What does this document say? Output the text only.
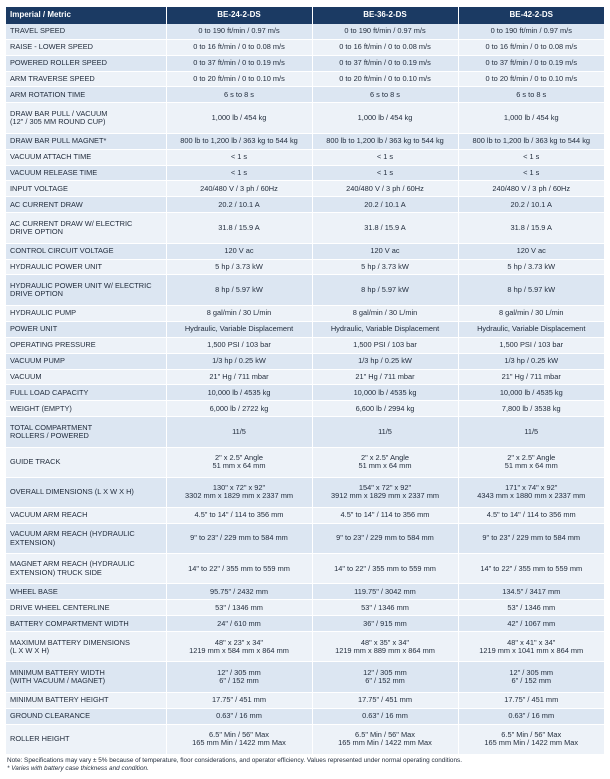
Imperial / Metric	BE-24-2-DS	BE-36-2-DS	BE-42-2-DS

TRAVEL SPEED	0 to 190 ft/min / 0.97 m/s	0 to 190 ft/min / 0.97 m/s	0 to 190 ft/min / 0.97 m/s

RAISE - LOWER SPEED	0 to 16 ft/min / 0 to 0.08 m/s	0 to 16 ft/min / 0 to 0.08 m/s	0 to 16 ft/min / 0 to 0.08 m/s

POWERED ROLLER SPEED	0 to 37 ft/min / 0 to 0.19 m/s	0 to 37 ft/min / 0 to 0.19 m/s	0 to 37 ft/min / 0 to 0.19 m/s

ARM TRAVERSE SPEED	0 to 20 ft/min / 0 to 0.10 m/s	0 to 20 ft/min / 0 to 0.10 m/s	0 to 20 ft/min / 0 to 0.10 m/s

ARM ROTATION TIME	6 s to 8 s	6 s to 8 s	6 s to 8 s

DRAW BAR PULL / VACUUM
(12" / 305 MM ROUND CUP)	1,000 lb / 454 kg	1,000 lb / 454 kg	1,000 lb / 454 kg

DRAW BAR PULL MAGNET*	800 lb to 1,200 lb / 363 kg to 544 kg	800 lb to 1,200 lb / 363 kg to 544 kg	800 lb to 1,200 lb / 363 kg to 544 kg

VACUUM ATTACH TIME	< 1 s	< 1 s	< 1 s

VACUUM RELEASE TIME	< 1 s	< 1 s	< 1 s

INPUT VOLTAGE	240/480 V / 3 ph / 60Hz	240/480 V / 3 ph / 60Hz	240/480 V / 3 ph / 60Hz

AC CURRENT DRAW	20.2 / 10.1 A	20.2 / 10.1 A	20.2 / 10.1 A

AC CURRENT DRAW W/ ELECTRIC
DRIVE OPTION	31.8 / 15.9 A	31.8 / 15.9 A	31.8 / 15.9 A

CONTROL CIRCUIT VOLTAGE	120 V ac	120 V ac	120 V ac

HYDRAULIC POWER UNIT	5 hp / 3.73 kW	5 hp / 3.73 kW	5 hp / 3.73 kW

HYDRAULIC POWER UNIT W/ ELECTRIC
DRIVE OPTION	8 hp / 5.97 kW	8 hp / 5.97 kW	8 hp / 5.97 kW

HYDRAULIC PUMP	8 gal/min / 30 L/min	8 gal/min / 30 L/min	8 gal/min / 30 L/min

POWER UNIT	Hydraulic, Variable Displacement	Hydraulic, Variable Displacement	Hydraulic, Variable Displacement

OPERATING PRESSURE	1,500 PSI / 103 bar	1,500 PSI / 103 bar	1,500 PSI / 103 bar

VACUUM PUMP	1/3 hp / 0.25 kW	1/3 hp / 0.25 kW	1/3 hp / 0.25 kW

VACUUM	21" Hg / 711 mbar	21" Hg / 711 mbar	21" Hg / 711 mbar

FULL LOAD CAPACITY	10,000 lb / 4535 kg	10,000 lb / 4535 kg	10,000 lb / 4535 kg

WEIGHT (EMPTY)	6,000 lb / 2722 kg	6,600 lb / 2994 kg	7,800 lb / 3538 kg

TOTAL COMPARTMENT
ROLLERS / POWERED	11/5	11/5	11/5

GUIDE TRACK	2" x 2.5" Angle
51 mm x 64 mm	2" x 2.5" Angle
51 mm x 64 mm	2" x 2.5" Angle
51 mm x 64 mm

OVERALL DIMENSIONS (L X W X H)	130" x 72" x 92"
3302 mm x 1829 mm x 2337 mm	154" x 72" x 92"
3912 mm x 1829 mm x 2337 mm	171" x 74" x 92"
4343 mm x 1880 mm x 2337 mm

VACUUM ARM REACH	4.5" to 14" / 114 to 356 mm	4.5" to 14" / 114 to 356 mm	4.5" to 14" / 114 to 356 mm

VACUUM ARM REACH (HYDRAULIC
EXTENSION)	9" to 23" / 229 mm to 584 mm	9" to 23" / 229 mm to 584 mm	9" to 23" / 229 mm to 584 mm

MAGNET ARM REACH (HYDRAULIC
EXTENSION) TRUCK SIDE	14" to 22" / 355 mm to 559 mm	14" to 22" / 355 mm to 559 mm	14" to 22" / 355 mm to 559 mm

WHEEL BASE	95.75" / 2432 mm	119.75" / 3042 mm	134.5" / 3417 mm

DRIVE WHEEL CENTERLINE	53" / 1346 mm	53" / 1346 mm	53" / 1346 mm

BATTERY COMPARTMENT WIDTH	24" / 610 mm	36" / 915 mm	42" / 1067 mm

MAXIMUM BATTERY DIMENSIONS
(L X W X H)	48" x 23" x 34"
1219 mm x 584 mm x 864 mm	48" x 35" x 34"
1219 mm x 889 mm x 864 mm	48" x 41" x 34"
1219 mm x 1041 mm x 864 mm

MINIMUM BATTERY WIDTH
(WITH VACUUM / MAGNET)	12" / 305 mm
6" / 152 mm	12" / 305 mm
6" / 152 mm	12" / 305 mm
6" / 152 mm

MINIMUM BATTERY HEIGHT	17.75" / 451 mm	17.75" / 451 mm	17.75" / 451 mm

GROUND CLEARANCE	0.63" / 16 mm	0.63" / 16 mm	0.63" / 16 mm

ROLLER HEIGHT	6.5" Min / 56" Max
165 mm Min / 1422 mm Max	6.5" Min / 56" Max
165 mm Min / 1422 mm Max	6.5" Min / 56" Max
165 mm Min / 1422 mm Max
Note: Specifications may vary ± 5% because of temperature, floor considerations, and operator efficiency. Values represented under normal operating conditions.
* Varies with battery case thickness and condition.
